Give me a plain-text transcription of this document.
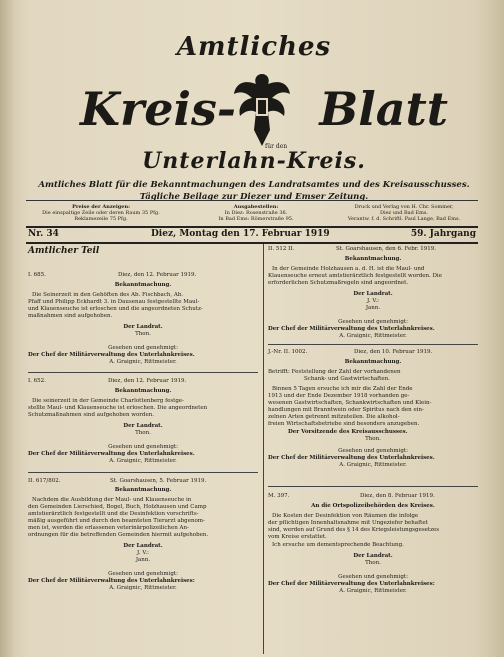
Amtliches
Kreis- Blatt
für den
Unterlahn-Kreis.
Amtliches Blatt für die Bekanntmachungen des Landratsamtes und des Kreisausschusses.
Tägliche Beilage zur Diezer und Emser Zeitung.
Preise der Anzeigen:
Die einspaltige Zeile oder deren Raum 35 Pfg.
Reklamezeile 75 Pfg.
Ausgabestellen:
In Diez: Rosenstraße 36.
In Bad Ems: Römerstraße 95.
Druck und Verlag von H. Chr. Sommer,
Diez und Bad Ems.
Verantw. f. d. Schriftl. Paul Lange, Bad Ems.
Nr. 34	Diez, Montag den 17. Februar 1919	59. Jahrgang
Amtlicher Teil
I. 685.	Diez, den 12. Februar 1919.
Bekanntmachung.
Die Seinerzeit in den Gehöften des Ab. Fischbach, Ab.
Pfaff und Philipp Eckhardt 3. in Dausenau festgestellte Maul-
und Klauenseuche ist erloschen und die angeordneten Schutz-
maßnahmen sind aufgehoben.
Der Landrat.
Thon.
Gesehen und genehmigt:
Der Chef der Militärverwaltung des Unterlahnkreises.
A. Graignic, Rittmeister.
I. 652.	Diez, den 12. Februar 1919.
Bekanntmachung.
Die seinerzeit in der Gemeinde Charlottenberg festge-
stellte Maul- und Klauenseuche ist erloschen. Die angeordneten
Schutzmaßnahmen sind aufgehoben worden.
Der Landrat.
Thon.
Gesehen und genehmigt:
Der Chef der Militärverwaltung des Unterlahnkreises.
A. Graignic, Rittmeister.
II. 617/802.	St. Goarshausen, 5. Februar 1919.
Bekanntmachung.
Nachdem die Ausbildung der Maul- und Klauenseuche in
den Gemeinden Lierschied, Bogel, Buch, Holzhausen und Camp
amtstierärztlich festgestellt und die Desinfektion vorschrifts-
mäßig ausgeführt und durch den beamteten Tierarzt abgenom-
men ist, werden die erlassenen veterinärpolizeilichen An-
ordnungen für die betreffenden Gemeinden hiermit aufgehoben.
Der Landrat.
J. V.:
Jann.
Gesehen und genehmigt:
Der Chef der Militärverwaltung des Unterlahnkreises:
A. Graignic, Rittmeister.
II. 512 II.	St. Goarshausen, den 6. Febr. 1919.
Bekanntmachung.
In der Gemeinde Holzhausen a. d. H. ist die Maul- und
Klauenseuche erneut amtstierärztlich festgestellt worden. Die
erforderlichen Schutzmaßregeln sind angeordnet.
Der Landrat.
J. V.:
Jann.
Gesehen und genehmigt:
Der Chef der Militärverwaltung des Unterlahnkreises.
A. Graignic, Rittmeister.
J.-Nr. II. 1002.	Diez, den 10. Februar 1919.
Bekanntmachung.
Betrifft: Feststellung der Zahl der vorhandenen
Schank- und Gastwirtschaften.
Binnen 5 Tagen ersuche ich mir die Zahl der Ende
1913 und der Ende Dezember 1918 vorhanden ge-
wesenen Gastwirtschaften, Schankwirtschaften und Klein-
handlungen mit Branntwein oder Spiritus nach den ein-
zelnen Arten getrennt mitzuteilen. Die alkohol-
freien Wirtschaftsbetriebe sind besonders anzugeben.
Der Vorsitzende des Kreisausschusses.
Thon.
Gesehen und genehmigt:
Der Chef der Militärverwaltung des Unterlahnkreises.
A. Graignic, Rittmeister.
M. 397.	Diez, den 8. Februar 1919.
An die Ortspolizeibehörden des Kreises.
Die Kosten der Desinfektion von Räumen die infolge
der pflichtigen Innenhaltsnahme mit Ungeziefer behaftet
sind, werden auf Grund des § 14 des Kriegsleistungsgesetzes
vom Kreise erstattet.
Ich ersuche um dementsprechende Beachtung.
Der Landrat.
Thon.
Gesehen und genehmigt:
Der Chef der Militärverwaltung des Unterlahnkreises:
A. Graignic, Rittmeister.
